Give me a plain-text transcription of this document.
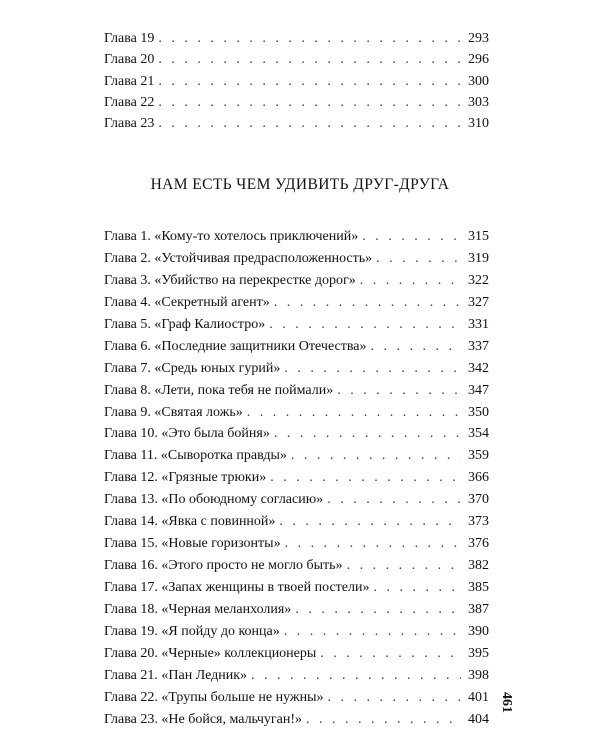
Глава 19 . . .	293
Глава 20 . . .	296
Глава 21 . . .	300
Глава 22 . . .	303
Глава 23 . . .	310
НАМ ЕСТЬ ЧЕМ УДИВИТЬ ДРУГ-ДРУГА
Глава 1. «Кому-то хотелось приключений» . . .	315
Глава 2. «Устойчивая предрасположенность» . . .	319
Глава 3. «Убийство на перекрестке дорог» . . .	322
Глава 4. «Секретный агент» . . .	327
Глава 5. «Граф Калиостро» . . .	331
Глава 6. «Последние защитники Отечества» . . .	337
Глава 7. «Средь юных гурий» . . .	342
Глава 8. «Лети, пока тебя не поймали» . . .	347
Глава 9. «Святая ложь» . . .	350
Глава 10. «Это была бойня» . . .	354
Глава 11. «Сыворотка правды» . . .	359
Глава 12. «Грязные трюки» . . .	366
Глава 13. «По обоюдному согласию» . . .	370
Глава 14. «Явка с повинной» . . .	373
Глава 15. «Новые горизонты» . . .	376
Глава 16. «Этого просто не могло быть» . . .	382
Глава 17. «Запах женщины в твоей постели» . . .	385
Глава 18. «Черная меланхолия» . . .	387
Глава 19. «Я пойду до конца» . . .	390
Глава 20. «Черные» коллекционеры . . .	395
Глава 21. «Пан Ледник» . . .	398
Глава 22. «Трупы больше не нужны» . . .	401
Глава 23. «Не бойся, мальчуган!» . . .	404
461
